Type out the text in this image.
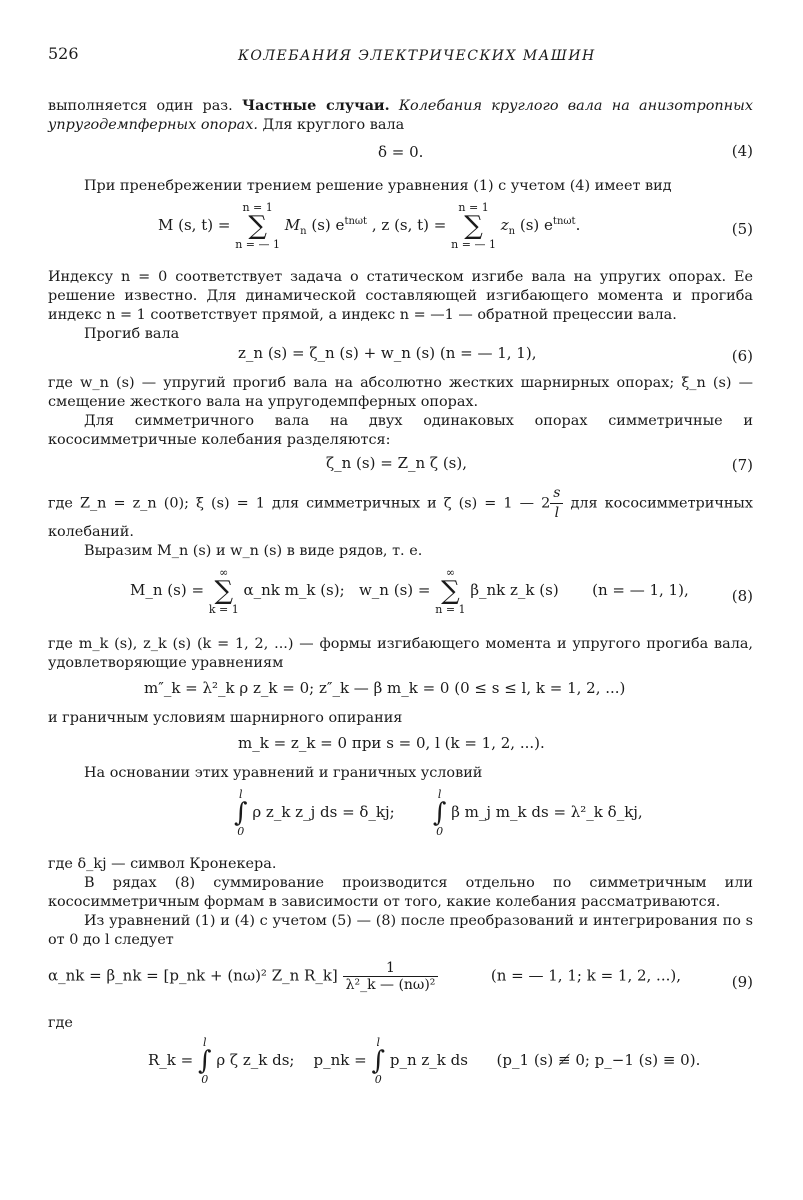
526	КОЛЕБАНИЯ ЭЛЕКТРИЧЕСКИХ МАШИН

выполняется один раз. Частные случаи. Колебания круглого вала на анизотропных упругодемпферных опорах. Для круглого вала

δ = 0.	(4)

При пренебрежении трением решение уравнения (1) с учетом (4) имеет вид

M (s, t) =
n = 1
∑
n = — 1
$M_n$ (s) $e^{tn\omega t}$ , z (s, t) =
n = 1
∑
n = — 1
$z_n$ (s) $e^{tn\omega t}$.	(5)

Индексу n = 0 соответствует задача о статическом изгибе вала на упругих опорах. Ее решение известно. Для динамической составляющей изгибающего момента и прогиба индекс n = 1 соответствует прямой, а индекс n = —1 — обратной прецессии вала.

Прогиб вала

z_n (s) = ζ_n (s) + w_n (s) (n = — 1, 1),	(6)

где w_n (s) — упругий прогиб вала на абсолютно жестких шарнирных опорах; ξ_n (s) — смещение жесткого вала на упругодемпферных опорах.

Для симметричного вала на двух одинаковых опорах симметричные и кососимметричные колебания разделяются:

ζ_n (s) = Z_n ζ (s),	(7)

где Z_n = z_n (0); ξ (s) = 1 для симметричных и ζ (s) = 1 — $2 \frac{s}{l}$ для кососимметричных колебаний.

Выразим M_n (s) и w_n (s) в виде рядов, т. е.

M_n (s) =
∞
∑
k = 1
α_nk m_k (s); w_n (s) =
∞
∑
n = 1
β_nk z_k (s) (n = — 1, 1),	(8)

где m_k (s), z_k (s) (k = 1, 2, ...) — формы изгибающего момента и упругого прогиба вала, удовлетворяющие уравнениям

m″_k = λ²_k ρ z_k = 0; z″_k — β m_k = 0 (0 ≤ s ≤ l, k = 1, 2, ...)

и граничным условиям шарнирного опирания

m_k = z_k = 0 при s = 0, l (k = 1, 2, ...).

На основании этих уравнений и граничных условий

l
∫
0
ρ z_k z_j ds = δ_kj;
l
∫
0
β m_j m_k ds = λ²_k δ_kj,

где δ_kj — символ Кронекера.

В рядах (8) суммирование производится отдельно по симметричным или кососимметричным формам в зависимости от того, какие колебания рассматриваются.

Из уравнений (1) и (4) с учетом (5) — (8) после преобразований и интегрирования по s от 0 до l следует

α_nk = β_nk = [p_nk + (nω)² Z_n R_k] $\frac{1}{\text{λ²\_k — (nω)²}}$	(n = — 1, 1; k = 1, 2, ...),	(9)

где

R_k =
l
∫
0
ρ ζ z_k ds; p_nk =
l
∫
0
p_n z_k ds (p_1 (s) ≢ 0; p_−1 (s) ≡ 0).
